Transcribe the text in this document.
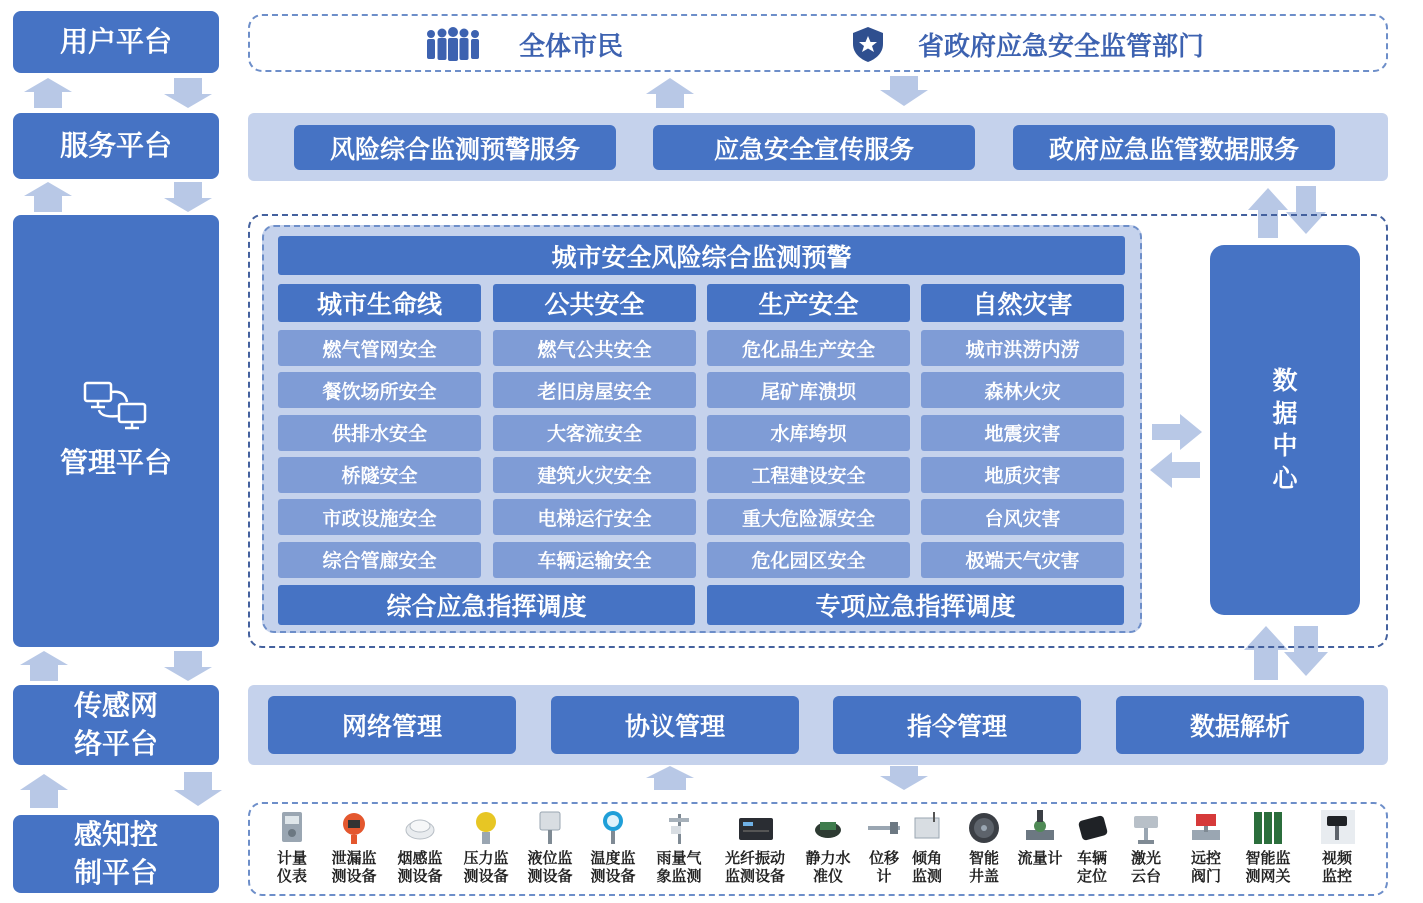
用户平台
服务平台
管理平台
传感网
络平台
感知控
制平台
全体市民	省政府应急安全监管部门
风险综合监测预警服务	应急安全宣传服务	政府应急监管数据服务
城市安全风险综合监测预警
城市生命线	公共安全	生产安全	自然灾害
燃气管网安全	燃气公共安全	危化品生产安全	城市洪涝内涝
餐饮场所安全	老旧房屋安全	尾矿库溃坝	森林火灾
供排水安全	大客流安全	水库垮坝	地震灾害
桥隧安全	建筑火灾安全	工程建设安全	地质灾害
市政设施安全	电梯运行安全	重大危险源安全	台风灾害
综合管廊安全	车辆运输安全	危化园区安全	极端天气灾害
综合应急指挥调度	专项应急指挥调度
数
据
中
心
网络管理	协议管理	指令管理	数据解析
计量
仪表
泄漏监
测设备
烟感监
测设备
压力监
测设备
液位监
测设备
温度监
测设备
雨量气
象监测
光纤振动
监测设备
静力水
准仪
位移
计
倾角
监测
智能
井盖
流量计 车辆
定位
激光
云台
远控
阀门
智能监
测网关
视频
监控
